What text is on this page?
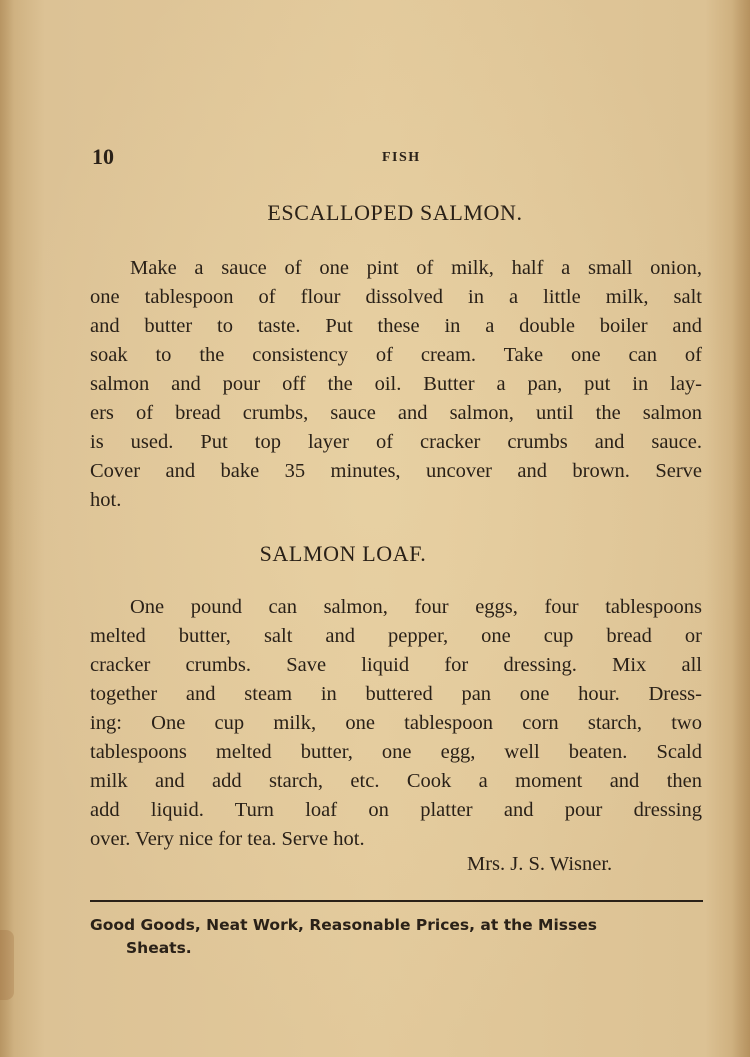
10	FISH

ESCALLOPED SALMON.
Make a sauce of one pint of milk, half a small onion,
one tablespoon of flour dissolved in a little milk, salt
and butter to taste. Put these in a double boiler and
soak to the consistency of cream. Take one can of
salmon and pour off the oil. Butter a pan, put in lay-
ers of bread crumbs, sauce and salmon, until the salmon
is used. Put top layer of cracker crumbs and sauce.
Cover and bake 35 minutes, uncover and brown. Serve
hot.
SALMON LOAF.
One pound can salmon, four eggs, four tablespoons
melted butter, salt and pepper, one cup bread or
cracker crumbs. Save liquid for dressing. Mix all
together and steam in buttered pan one hour. Dress-
ing: One cup milk, one tablespoon corn starch, two
tablespoons melted butter, one egg, well beaten. Scald
milk and add starch, etc. Cook a moment and then
add liquid. Turn loaf on platter and pour dressing
over. Very nice for tea. Serve hot.

Mrs. J. S. Wisner.

Good Goods, Neat Work, Reasonable Prices, at the Misses
Sheats.
